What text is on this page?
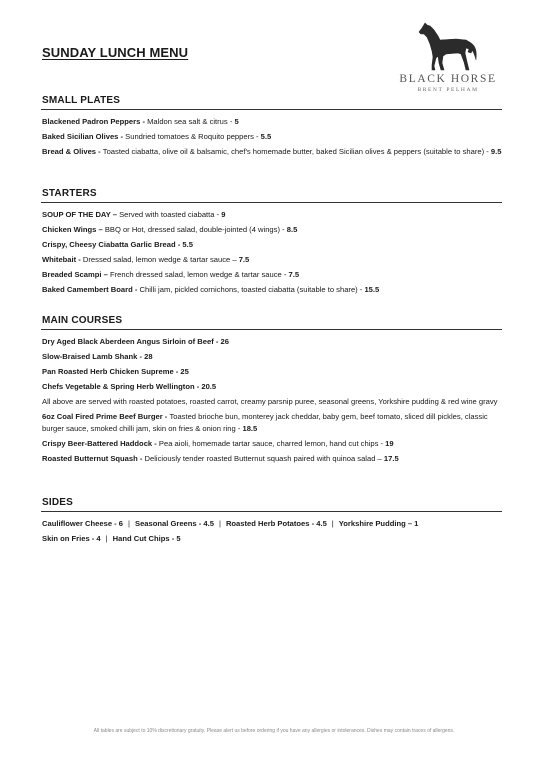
SUNDAY LUNCH MENU
BLACK HORSE
BRENT PELHAM
SMALL PLATES
Blackened Padron Peppers - Maldon sea salt & citrus - 5
Baked Sicilian Olives - Sundried tomatoes & Roquito peppers - 5.5
Bread & Olives - Toasted ciabatta, olive oil & balsamic, chef's homemade butter, baked Sicilian olives & peppers (suitable to share) - 9.5
STARTERS
SOUP OF THE DAY – Served with toasted ciabatta - 9
Chicken Wings – BBQ or Hot, dressed salad, double-jointed (4 wings) - 8.5
Crispy, Cheesy Ciabatta Garlic Bread - 5.5
Whitebait - Dressed salad, lemon wedge & tartar sauce – 7.5
Breaded Scampi – French dressed salad, lemon wedge & tartar sauce - 7.5
Baked Camembert Board - Chilli jam, pickled cornichons, toasted ciabatta (suitable to share) - 15.5
MAIN COURSES
Dry Aged Black Aberdeen Angus Sirloin of Beef - 26
Slow-Braised Lamb Shank - 28
Pan Roasted Herb Chicken Supreme - 25
Chefs Vegetable & Spring Herb Wellington - 20.5
All above are served with roasted potatoes, roasted carrot, creamy parsnip puree, seasonal greens, Yorkshire pudding & red wine gravy
6oz Coal Fired Prime Beef Burger - Toasted brioche bun, monterey jack cheddar, baby gem, beef tomato, sliced dill pickles, classic burger sauce, smoked chilli jam, skin on fries & onion ring - 18.5
Crispy Beer-Battered Haddock - Pea aioli, homemade tartar sauce, charred lemon, hand cut chips - 19
Roasted Butternut Squash - Deliciously tender roasted Butternut squash paired with quinoa salad – 17.5
SIDES
Cauliflower Cheese - 6 | Seasonal Greens - 4.5 | Roasted Herb Potatoes - 4.5 | Yorkshire Pudding – 1
Skin on Fries - 4 | Hand Cut Chips - 5
All tables are subject to 10% discretionary gratuity. Please alert us before ordering if you have any allergies or intolerances. Dishes may contain traces of allergens.
